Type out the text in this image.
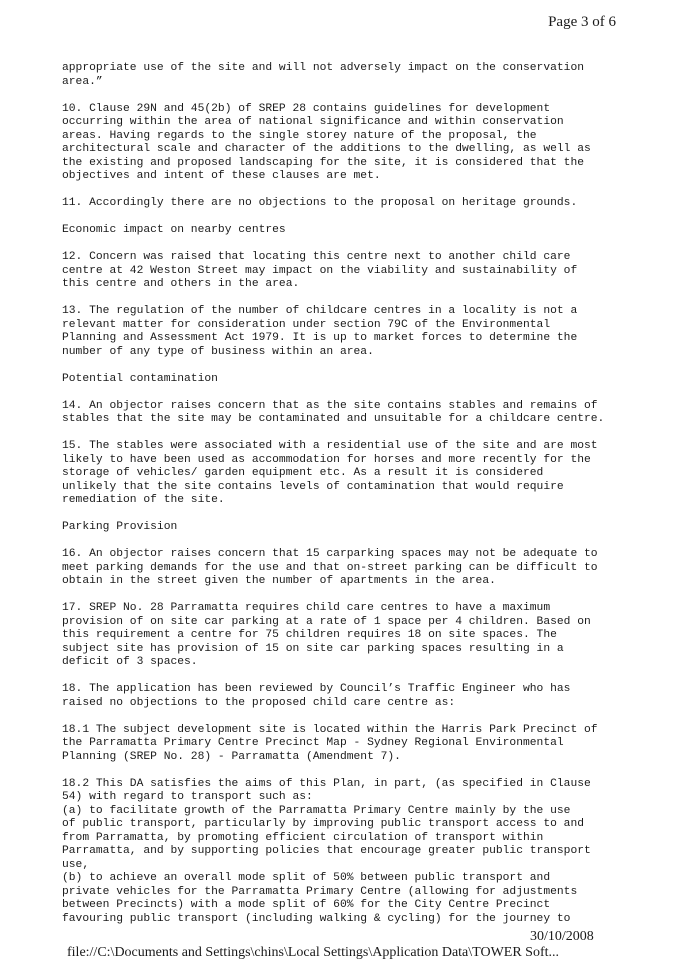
Page 3 of 6
appropriate use of the site and will not adversely impact on the conservation
area.”
10. Clause 29N and 45(2b) of SREP 28 contains guidelines for development
occurring within the area of national significance and within conservation
areas. Having regards to the single storey nature of the proposal, the
architectural scale and character of the additions to the dwelling, as well as
the existing and proposed landscaping for the site, it is considered that the
objectives and intent of these clauses are met.
11. Accordingly there are no objections to the proposal on heritage grounds.
Economic impact on nearby centres
12. Concern was raised that locating this centre next to another child care
centre at 42 Weston Street may impact on the viability and sustainability of
this centre and others in the area.
13. The regulation of the number of childcare centres in a locality is not a
relevant matter for consideration under section 79C of the Environmental
Planning and Assessment Act 1979. It is up to market forces to determine the
number of any type of business within an area.
Potential contamination
14. An objector raises concern that as the site contains stables and remains of
stables that the site may be contaminated and unsuitable for a childcare centre.
15. The stables were associated with a residential use of the site and are most
likely to have been used as accommodation for horses and more recently for the
storage of vehicles/ garden equipment etc. As a result it is considered
unlikely that the site contains levels of contamination that would require
remediation of the site.
Parking Provision
16. An objector raises concern that 15 carparking spaces may not be adequate to
meet parking demands for the use and that on-street parking can be difficult to
obtain in the street given the number of apartments in the area.
17. SREP No. 28 Parramatta requires child care centres to have a maximum
provision of on site car parking at a rate of 1 space per 4 children. Based on
this requirement a centre for 75 children requires 18 on site spaces. The
subject site has provision of 15 on site car parking spaces resulting in a
deficit of 3 spaces.
18. The application has been reviewed by Council’s Traffic Engineer who has
raised no objections to the proposed child care centre as:
18.1 The subject development site is located within the Harris Park Precinct of
the Parramatta Primary Centre Precinct Map - Sydney Regional Environmental
Planning (SREP No. 28) - Parramatta (Amendment 7).
18.2 This DA satisfies the aims of this Plan, in part, (as specified in Clause
54) with regard to transport such as:
(a) to facilitate growth of the Parramatta Primary Centre mainly by the use
of public transport, particularly by improving public transport access to and
from Parramatta, by promoting efficient circulation of transport within
Parramatta, and by supporting policies that encourage greater public transport
use,
(b) to achieve an overall mode split of 50% between public transport and
private vehicles for the Parramatta Primary Centre (allowing for adjustments
between Precincts) with a mode split of 60% for the City Centre Precinct
favouring public transport (including walking & cycling) for the journey to

file://C:\Documents and Settings\chins\Local Settings\Application Data\TOWER Soft...

30/10/2008
